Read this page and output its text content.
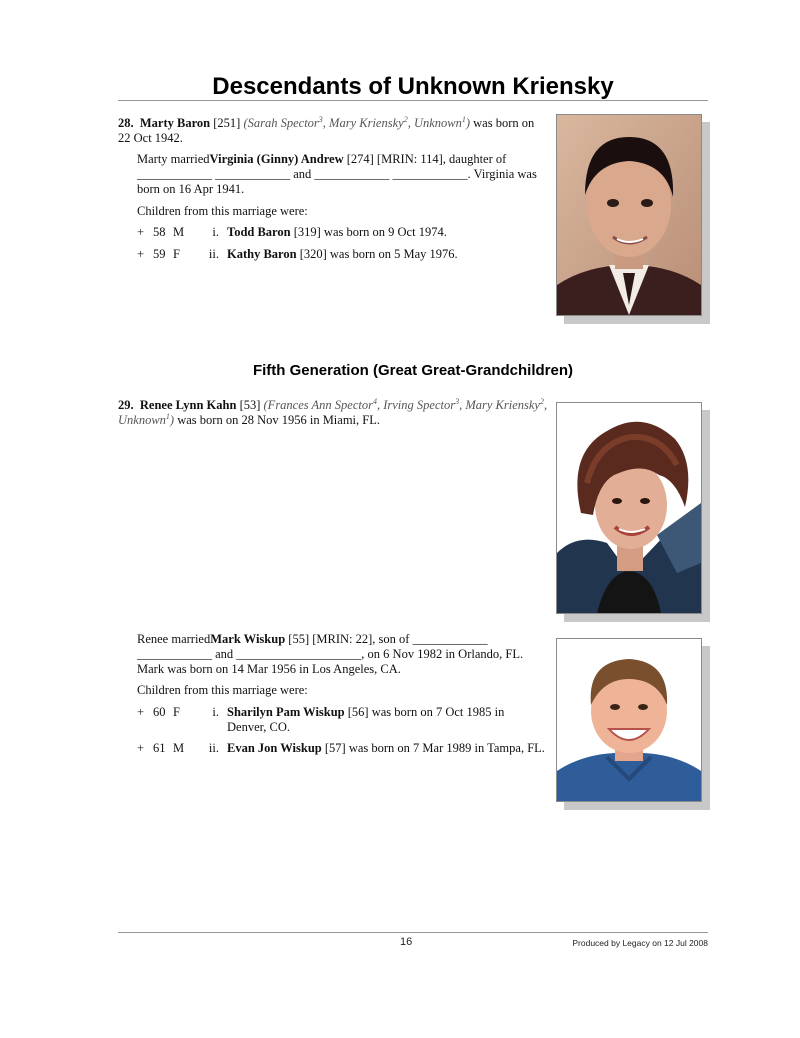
Descendants of Unknown Kriensky
28. Marty Baron [251] (Sarah Spector$^3$, Mary Kriensky$^2$, Unknown$^1$) was born on 22 Oct 1942.
Marty marriedVirginia (Ginny) Andrew [274] [MRIN: 114], daughter of ____________ ____________ and ____________ ____________. Virginia was born on 16 Apr 1941.
Children from this marriage were:
+ 58 M	i. Todd Baron [319] was born on 9 Oct 1974.
+ 59 F	ii. Kathy Baron [320] was born on 5 May 1976.
Fifth Generation (Great Great-Grandchildren)
29. Renee Lynn Kahn [53] (Frances Ann Spector$^4$, Irving Spector$^3$, Mary Kriensky$^2$, Unknown$^1$) was born on 28 Nov 1956 in Miami, FL.
Renee marriedMark Wiskup [55] [MRIN: 22], son of ____________ ____________ and ____________________, on 6 Nov 1982 in Orlando, FL. Mark was born on 14 Mar 1956 in Los Angeles, CA.
Children from this marriage were:
+ 60 F	i. Sharilyn Pam Wiskup [56] was born on 7 Oct 1985 in Denver, CO.
+ 61 M	ii. Evan Jon Wiskup [57] was born on 7 Mar 1989 in Tampa, FL.
16	Produced by Legacy on 12 Jul 2008
